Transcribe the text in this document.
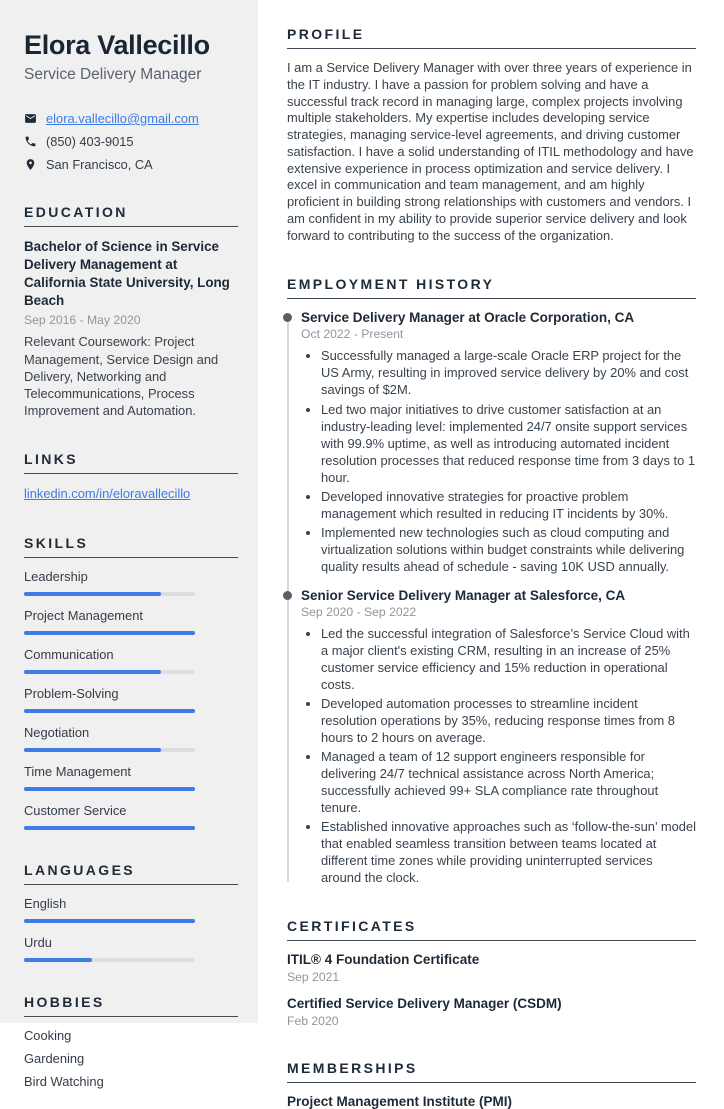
Elora Vallecillo
Service Delivery Manager
elora.vallecillo@gmail.com
(850) 403-9015
San Francisco, CA
EDUCATION
Bachelor of Science in Service Delivery Management at California State University, Long Beach
Sep 2016 - May 2020
Relevant Coursework: Project Management, Service Design and Delivery, Networking and Telecommunications, Process Improvement and Automation.
LINKS
linkedin.com/in/eloravallecillo
SKILLS
Leadership
Project Management
Communication
Problem-Solving
Negotiation
Time Management
Customer Service
LANGUAGES
English
Urdu
HOBBIES
Cooking
Gardening
Bird Watching
PROFILE

I am a Service Delivery Manager with over three years of experience in the IT industry. I have a passion for problem solving and have a successful track record in managing large, complex projects involving multiple stakeholders. My expertise includes developing service strategies, managing service-level agreements, and driving customer satisfaction. I have a solid understanding of ITIL methodology and have extensive experience in process optimization and service delivery. I excel in communication and team management, and am highly proficient in building strong relationships with customers and vendors. I am confident in my ability to provide superior service delivery and look forward to contributing to the success of the organization.

EMPLOYMENT HISTORY
Service Delivery Manager at Oracle Corporation, CA
Oct 2022 - Present
• Successfully managed a large-scale Oracle ERP project for the US Army, resulting in improved service delivery by 20% and cost savings of $2M.
• Led two major initiatives to drive customer satisfaction at an industry-leading level: implemented 24/7 onsite support services with 99.9% uptime, as well as introducing automated incident resolution processes that reduced response time from 3 days to 1 hour.
• Developed innovative strategies for proactive problem management which resulted in reducing IT incidents by 30%.
• Implemented new technologies such as cloud computing and virtualization solutions within budget constraints while delivering quality results ahead of schedule - saving 10K USD annually.
Senior Service Delivery Manager at Salesforce, CA
Sep 2020 - Sep 2022
• Led the successful integration of Salesforce’s Service Cloud with a major client's existing CRM, resulting in an increase of 25% customer service efficiency and 15% reduction in operational costs.
• Developed automation processes to streamline incident resolution operations by 35%, reducing response times from 8 hours to 2 hours on average.
• Managed a team of 12 support engineers responsible for delivering 24/7 technical assistance across North America; successfully achieved 99+ SLA compliance rate throughout tenure.
• Established innovative approaches such as ‘follow-the-sun’ model that enabled seamless transition between teams located at different time zones while providing uninterrupted services around the clock.
CERTIFICATES
ITIL® 4 Foundation Certificate
Sep 2021
Certified Service Delivery Manager (CSDM)
Feb 2020
MEMBERSHIPS
Project Management Institute (PMI)
